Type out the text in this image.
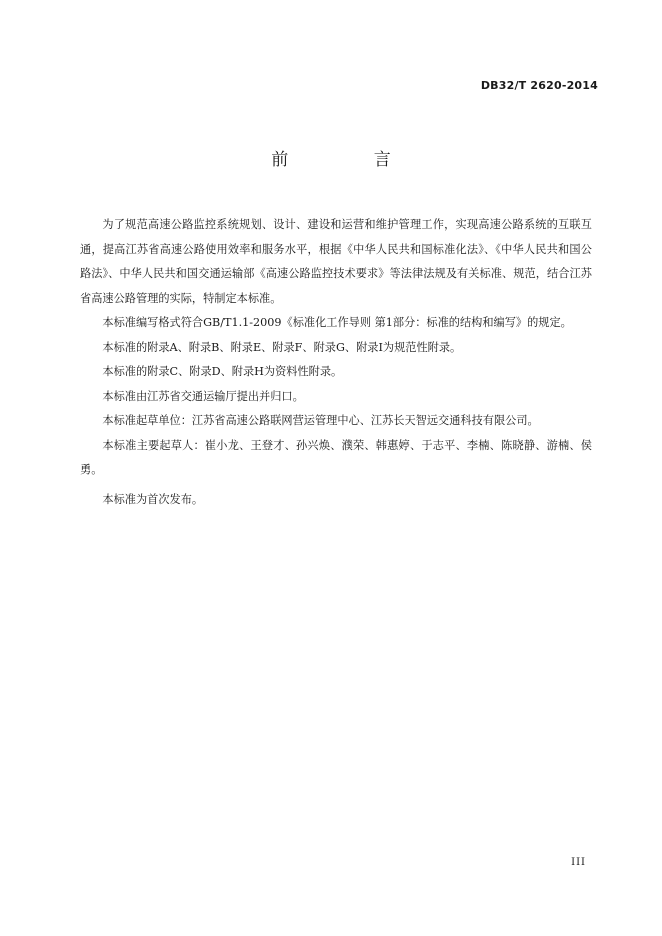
DB32/T 2620-2014
前 言

为了规范高速公路监控系统规划、设计、建设和运营和维护管理工作，实现高速公路系统的互联互通，提高江苏省高速公路使用效率和服务水平，根据《中华人民共和国标准化法》、《中华人民共和国公路法》、中华人民共和国交通运输部《高速公路监控技术要求》等法律法规及有关标准、规范，结合江苏省高速公路管理的实际，特制定本标准。

本标准编写格式符合GB/T1.1-2009《标准化工作导则 第1部分：标准的结构和编写》的规定。

本标准的附录A、附录B、附录E、附录F、附录G、附录I为规范性附录。

本标准的附录C、附录D、附录H为资料性附录。

本标准由江苏省交通运输厅提出并归口。

本标准起草单位：江苏省高速公路联网营运管理中心、江苏长天智远交通科技有限公司。

本标准主要起草人：崔小龙、王登才、孙兴焕、濮荣、韩惠婷、于志平、李楠、陈晓静、游楠、侯勇。

本标准为首次发布。

III
